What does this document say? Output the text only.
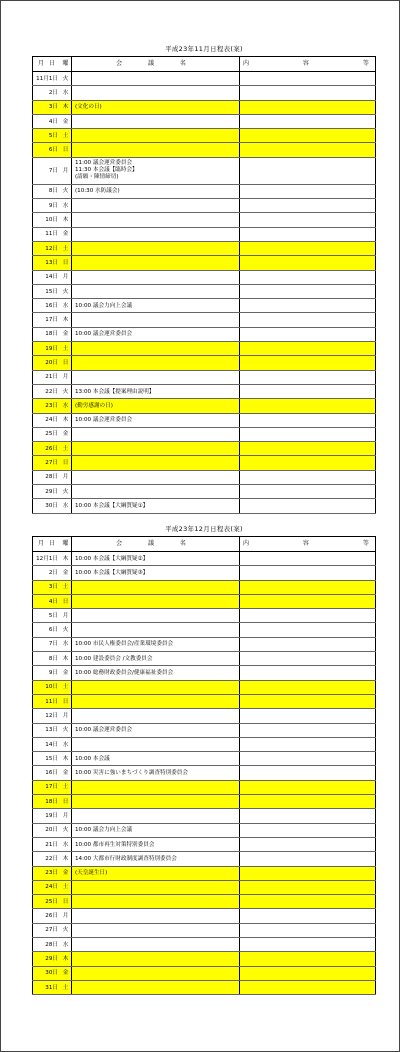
平成23年11月日程表(案)
月 日	曜	会 議 名	内 容 等
11月1日	火		
2日	水		
3日	木	(文化の日)	
4日	金		
5日	土		
6日	日		
7日	月	11:00 議会運営委員会
11:30 本会議【臨時会】
(請願・陳情締切)	

8日	火	(10:30 水防議会)	
9日	水		
10日	木		
11日	金		
12日	土		
13日	日		
14日	月		
15日	火		
16日	水	10:00 議会力向上会議	
17日	木		
18日	金	10:00 議会運営委員会	
19日	土		
20日	日		
21日	月		
22日	火	13:00 本会議【提案理由説明】	
23日	水	(勤労感謝の日)	
24日	木	10:00 議会運営委員会	
25日	金		
26日	土		
27日	日		
28日	月		
29日	火		
30日	水	10:00 本会議【大綱質疑①】	
平成23年12月日程表(案)
月 日	曜	会 議 名	内 容 等
12月1日	木	10:00 本会議【大綱質疑②】	
2日	金	10:00 本会議【大綱質疑③】	
3日	土		
4日	日		
5日	月		
6日	火		
7日	水	10:00 市民人権委員会/産業環境委員会	
8日	木	10:00 建設委員会 /文教委員会	
9日	金	10:00 総務財政委員会/健康福祉委員会	
10日	土		
11日	日		
12日	月		
13日	火	10:00 議会運営委員会	
14日	水		
15日	木	10:00 本会議	
16日	金	10:00 災害に強いまちづくり調査特別委員会	
17日	土		
18日	日		
19日	月		
20日	火	10:00 議会力向上会議	
21日	水	10:00 都市再生対策特別委員会	
22日	木	14:00 大都市行財政制度調査特別委員会	
23日	金	(天皇誕生日)	
24日	土		
25日	日		
26日	月		
27日	火		
28日	水		
29日	木		
30日	金		
31日	土		
